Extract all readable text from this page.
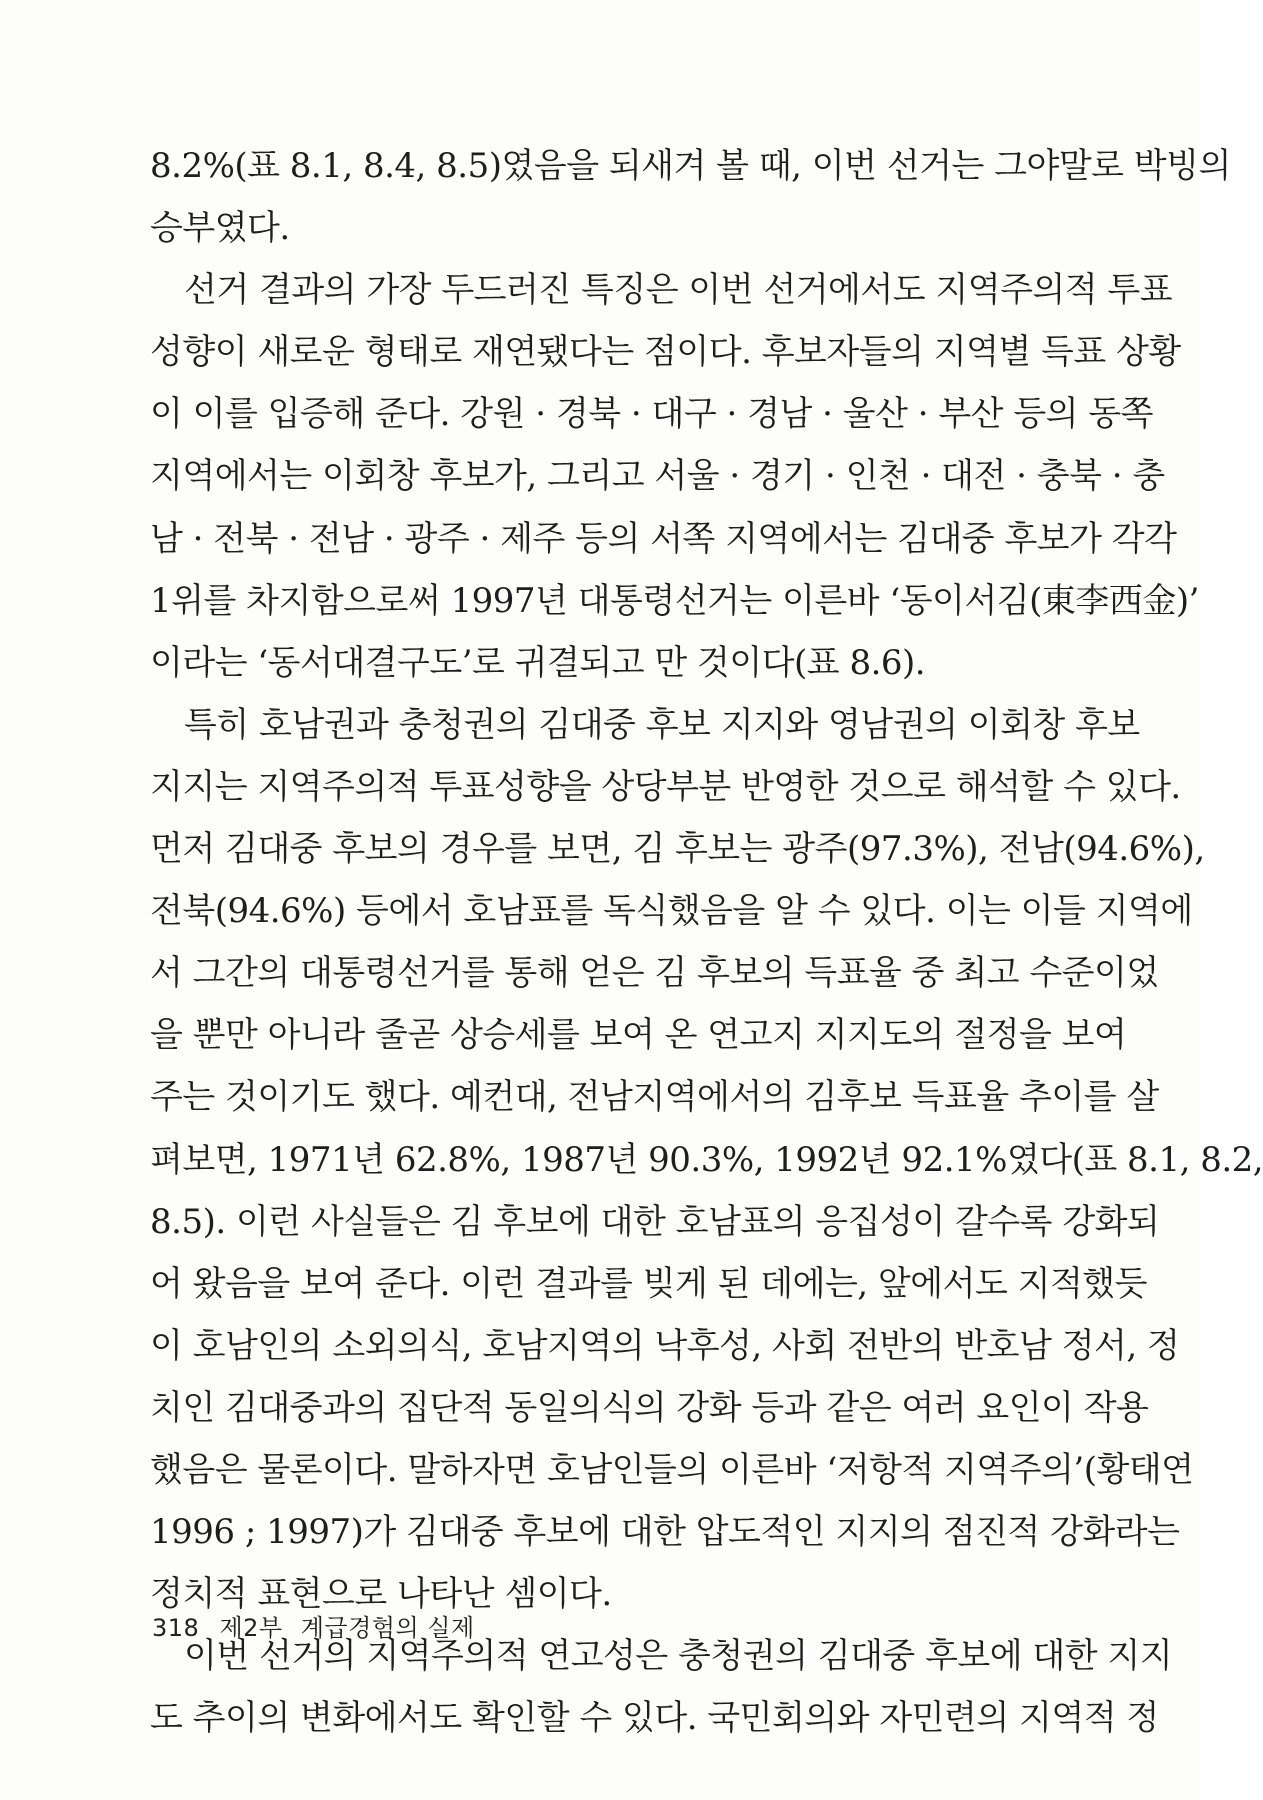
8.2%(표 8.1, 8.4, 8.5)였음을 되새겨 볼 때, 이번 선거는 그야말로 박빙의
승부였다.
선거 결과의 가장 두드러진 특징은 이번 선거에서도 지역주의적 투표
성향이 새로운 형태로 재연됐다는 점이다. 후보자들의 지역별 득표 상황
이 이를 입증해 준다. 강원 · 경북 · 대구 · 경남 · 울산 · 부산 등의 동쪽
지역에서는 이회창 후보가, 그리고 서울 · 경기 · 인천 · 대전 · 충북 · 충
남 · 전북 · 전남 · 광주 · 제주 등의 서쪽 지역에서는 김대중 후보가 각각
1위를 차지함으로써 1997년 대통령선거는 이른바 ‘동이서김(東李西金)’
이라는 ‘동서대결구도’로 귀결되고 만 것이다(표 8.6).
특히 호남권과 충청권의 김대중 후보 지지와 영남권의 이회창 후보
지지는 지역주의적 투표성향을 상당부분 반영한 것으로 해석할 수 있다.
먼저 김대중 후보의 경우를 보면, 김 후보는 광주(97.3%), 전남(94.6%),
전북(94.6%) 등에서 호남표를 독식했음을 알 수 있다. 이는 이들 지역에
서 그간의 대통령선거를 통해 얻은 김 후보의 득표율 중 최고 수준이었
을 뿐만 아니라 줄곧 상승세를 보여 온 연고지 지지도의 절정을 보여
주는 것이기도 했다. 예컨대, 전남지역에서의 김후보 득표율 추이를 살
펴보면, 1971년 62.8%, 1987년 90.3%, 1992년 92.1%였다(표 8.1, 8.2,
8.5). 이런 사실들은 김 후보에 대한 호남표의 응집성이 갈수록 강화되
어 왔음을 보여 준다. 이런 결과를 빚게 된 데에는, 앞에서도 지적했듯
이 호남인의 소외의식, 호남지역의 낙후성, 사회 전반의 반호남 정서, 정
치인 김대중과의 집단적 동일의식의 강화 등과 같은 여러 요인이 작용
했음은 물론이다. 말하자면 호남인들의 이른바 ‘저항적 지역주의’(황태연
1996 ; 1997)가 김대중 후보에 대한 압도적인 지지의 점진적 강화라는
정치적 표현으로 나타난 셈이다.
이번 선거의 지역주의적 연고성은 충청권의 김대중 후보에 대한 지지
도 추이의 변화에서도 확인할 수 있다. 국민회의와 자민련의 지역적 정
318 제2부 계급경험의 실제
